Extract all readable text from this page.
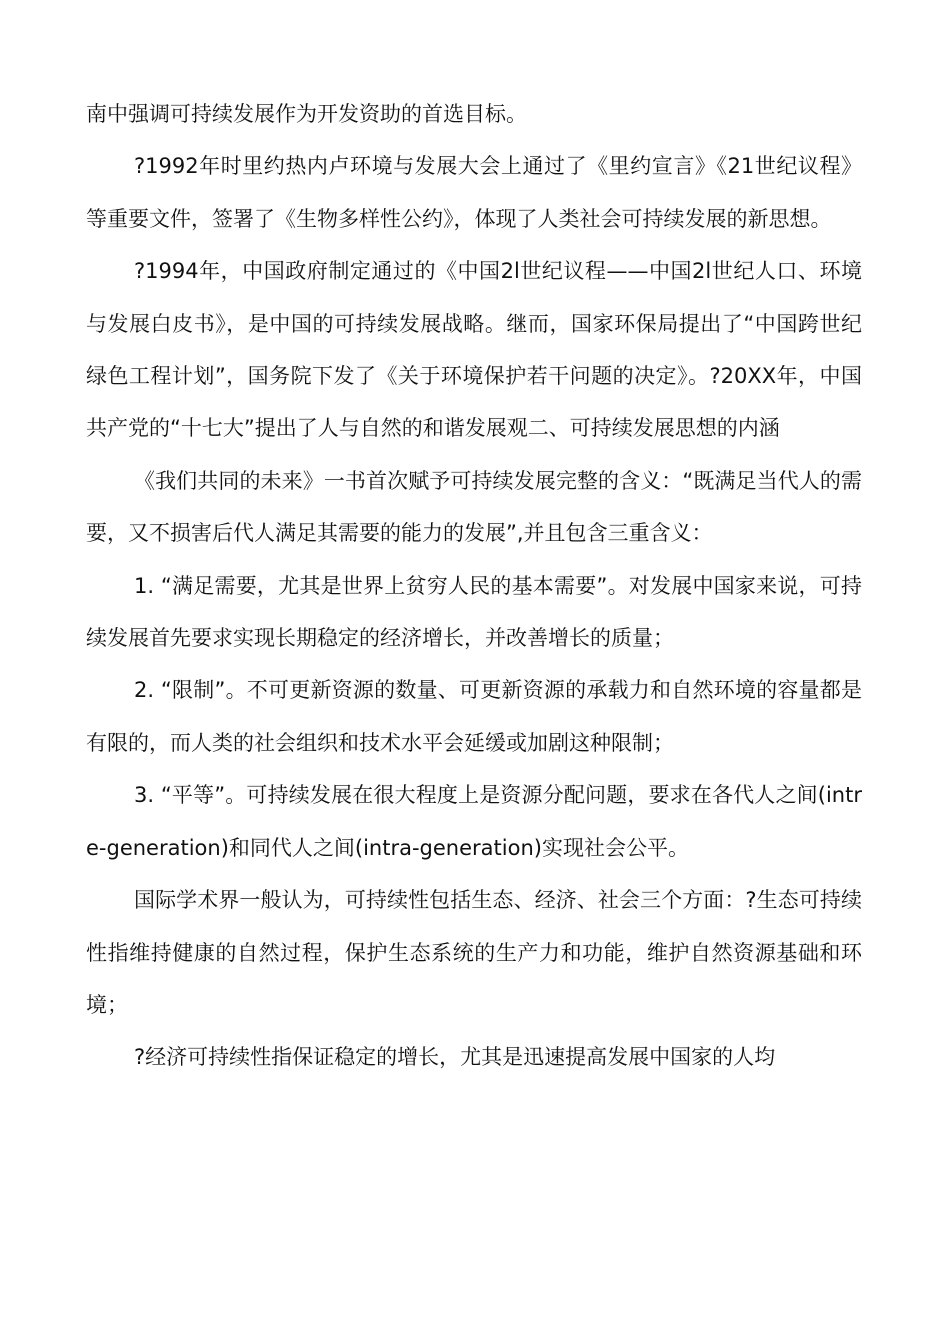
南中强调可持续发展作为开发资助的首选目标。

?1992年时里约热内卢环境与发展大会上通过了《里约宣言》《21世纪议程》等重要文件，签署了《生物多样性公约》，体现了人类社会可持续发展的新思想。

?1994年，中国政府制定通过的《中国2l世纪议程——中国2l世纪人口、环境与发展白皮书》，是中国的可持续发展战略。继而，国家环保局提出了“中国跨世纪绿色工程计划”，国务院下发了《关于环境保护若干问题的决定》。?20XX年，中国共产党的“十七大”提出了人与自然的和谐发展观二、可持续发展思想的内涵

《我们共同的未来》一书首次赋予可持续发展完整的含义：“既满足当代人的需要，又不损害后代人满足其需要的能力的发展”,并且包含三重含义：

1. “满足需要，尤其是世界上贫穷人民的基本需要”。对发展中国家来说，可持续发展首先要求实现长期稳定的经济增长，并改善增长的质量；

2. “限制”。不可更新资源的数量、可更新资源的承载力和自然环境的容量都是有限的，而人类的社会组织和技术水平会延缓或加剧这种限制；

3. “平等”。可持续发展在很大程度上是资源分配问题，要求在各代人之间(intre-generation)和同代人之间(intra-generation)实现社会公平。

国际学术界一般认为，可持续性包括生态、经济、社会三个方面：?生态可持续性指维持健康的自然过程，保护生态系统的生产力和功能，维护自然资源基础和环境；

?经济可持续性指保证稳定的增长，尤其是迅速提高发展中国家的人均
